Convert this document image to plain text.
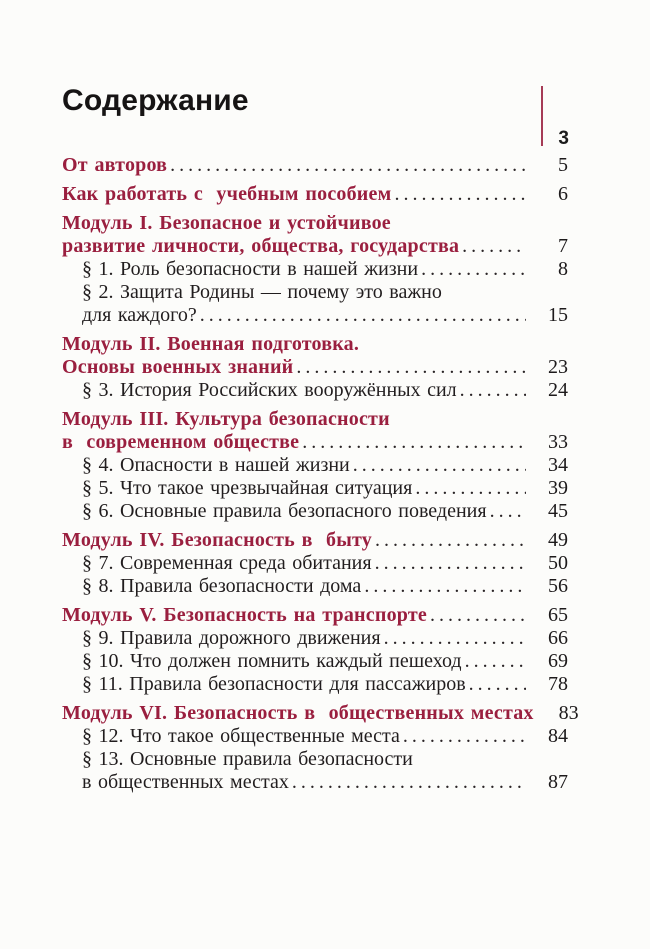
3
Содержание
От авторов . . .	5
Как работать с  учебным пособием . . .	6
Модуль I. Безопасное и устойчивое
развитие личности, общества, государства . . .	7
§ 1. Роль безопасности в нашей жизни . . .	8
§ 2. Защита Родины — почему это важно
для каждого? . . .	15
Модуль II. Военная подготовка.
Основы военных знаний . . .	23
§ 3. История Российских вооружённых сил . . .	24
Модуль III. Культура безопасности
в  современном обществе . . .	33
§ 4. Опасности в нашей жизни . . .	34
§ 5. Что такое чрезвычайная ситуация . . .	39
§ 6. Основные правила безопасного поведения . . .	45
Модуль IV. Безопасность в  быту . . .	49
§ 7. Современная среда обитания . . .	50
§ 8. Правила безопасности дома . . .	56
Модуль V. Безопасность на транспорте . . .	65
§ 9. Правила дорожного движения . . .	66
§ 10. Что должен помнить каждый пешеход . . .	69
§ 11. Правила безопасности для пассажиров . . .	78
Модуль VI. Безопасность в  общественных местах	83
§ 12. Что такое общественные места . . .	84
§ 13. Основные правила безопасности
в общественных местах . . .	87
